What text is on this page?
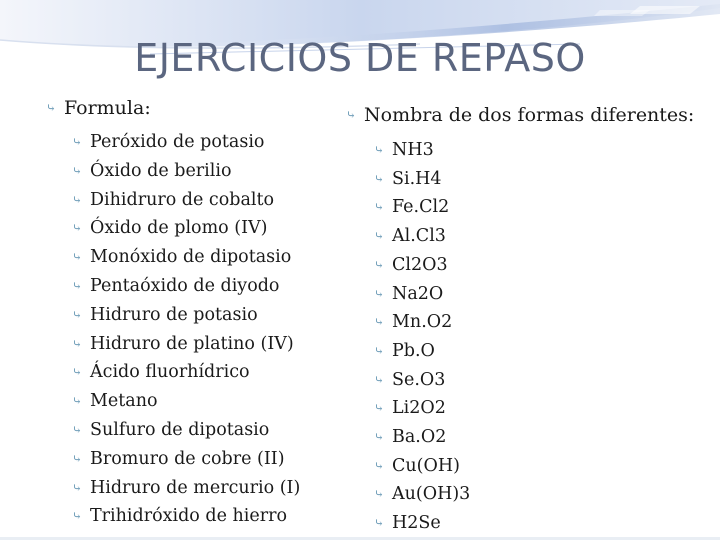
EJERCICIOS DE REPASO
⤷ Formula:
⤷ Peróxido de potasio
⤷ Óxido de berilio
⤷ Dihidruro de cobalto
⤷ Óxido de plomo (IV)
⤷ Monóxido de dipotasio
⤷ Pentaóxido de diyodo
⤷ Hidruro de potasio
⤷ Hidruro de platino (IV)
⤷ Ácido fluorhídrico
⤷ Metano
⤷ Sulfuro de dipotasio
⤷ Bromuro de cobre (II)
⤷ Hidruro de mercurio (I)
⤷ Trihidróxido de hierro
⤷ Nombra de dos formas diferentes:
⤷ NH3
⤷ Si.H4
⤷ Fe.Cl2
⤷ Al.Cl3
⤷ Cl2O3
⤷ Na2O
⤷ Mn.O2
⤷ Pb.O
⤷ Se.O3
⤷ Li2O2
⤷ Ba.O2
⤷ Cu(OH)
⤷ Au(OH)3
⤷ H2Se
